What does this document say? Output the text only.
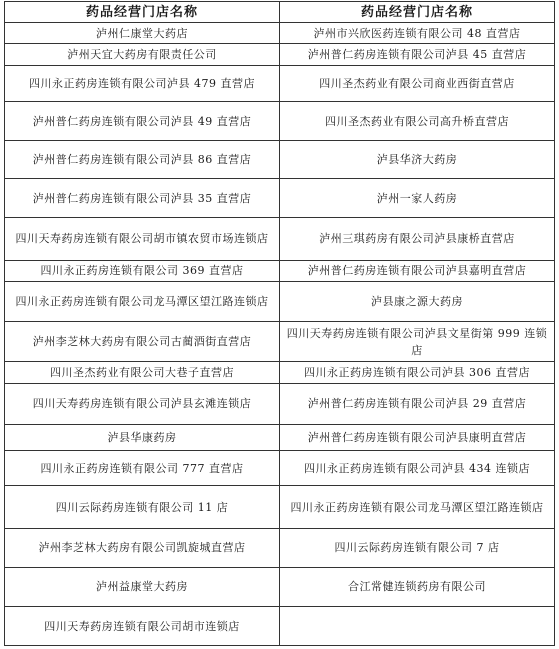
药品经营门店名称	药品经营门店名称
泸州仁康堂大药店	泸州市兴欣医药连锁有限公司 48 直营店
泸州天宜大药房有限责任公司	泸州普仁药房连锁有限公司泸县 45 直营店
四川永正药房连锁有限公司泸县 479 直营店	四川圣杰药业有限公司商业西街直营店
泸州普仁药房连锁有限公司泸县 49 直营店	四川圣杰药业有限公司高升桥直营店
泸州普仁药房连锁有限公司泸县 86 直营店	泸县华济大药房
泸州普仁药房连锁有限公司泸县 35 直营店	泸州一家人药房
四川天寿药房连锁有限公司胡市镇农贸市场连锁店	泸州三琪药房有限公司泸县康桥直营店
四川永正药房连锁有限公司 369 直营店	泸州普仁药房连锁有限公司泸县嘉明直营店
四川永正药房连锁有限公司龙马潭区望江路连锁店	泸县康之源大药房
泸州李芝林大药房有限公司古蔺酒街直营店	四川天寿药房连锁有限公司泸县文星街第 999 连锁店
四川圣杰药业有限公司大巷子直营店	四川永正药房连锁有限公司泸县 306 直营店
四川天寿药房连锁有限公司泸县玄滩连锁店	泸州普仁药房连锁有限公司泸县 29 直营店
泸县华康药房	泸州普仁药房连锁有限公司泸县康明直营店
四川永正药房连锁有限公司 777 直营店	四川永正药房连锁有限公司泸县 434 连锁店
四川云际药房连锁有限公司 11 店	四川永正药房连锁有限公司龙马潭区望江路连锁店
泸州李芝林大药房有限公司凯旋城直营店	四川云际药房连锁有限公司 7 店
泸州益康堂大药房	合江常健连锁药房有限公司
四川天寿药房连锁有限公司胡市连锁店	
